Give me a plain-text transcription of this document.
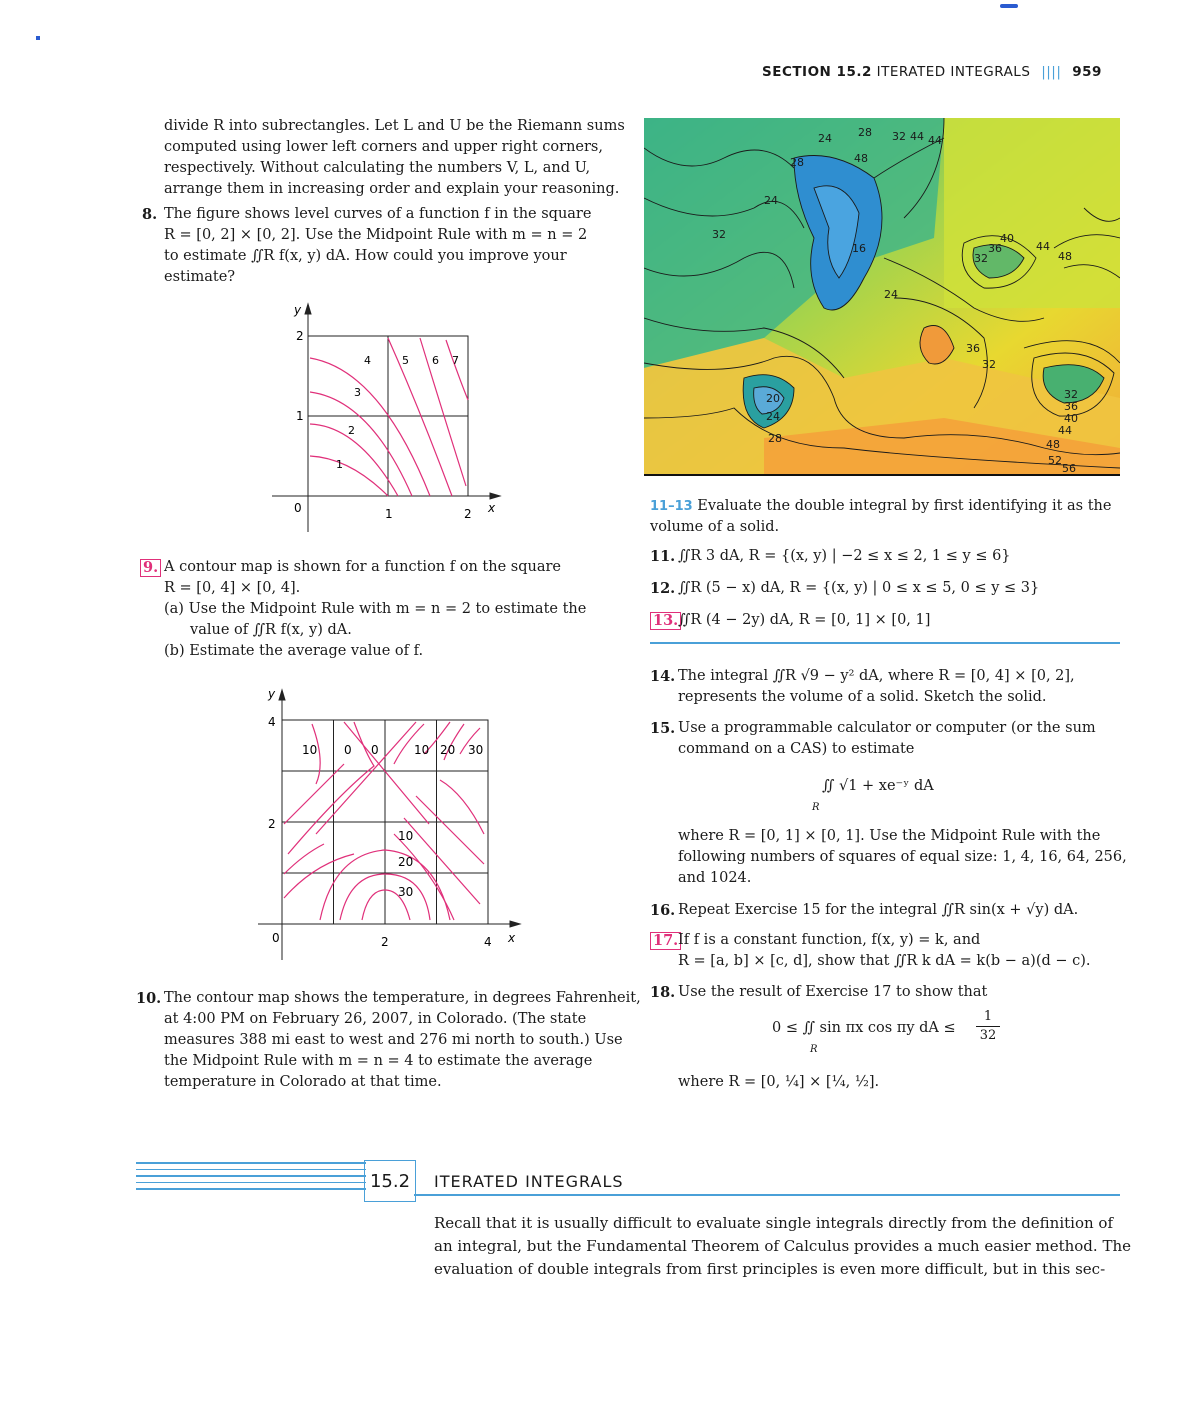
SECTION 15.2 ITERATED INTEGRALS |||| 959
divide R into subrectangles. Let L and U be the Riemann sums
computed using lower left corners and upper right corners,
respectively. Without calculating the numbers V, L, and U,
arrange them in increasing order and explain your reasoning.
8. The figure shows level curves of a function f in the square
R = [0, 2] × [0, 2]. Use the Midpoint Rule with m = n = 2
to estimate ∬R f(x, y) dA. How could you improve your
estimate?
2
1
0	1	2
y
x
1
2
3
4	5 6 7
9. A contour map is shown for a function f on the square
R = [0, 4] × [0, 4].
(a) Use the Midpoint Rule with m = n = 2 to estimate the
value of ∬R f(x, y) dA.
(b) Estimate the average value of f.
4
2
0	2	4
y
x
10 0 0	10 20 30
10
20
30
10. The contour map shows the temperature, in degrees Fahrenheit,
at 4:00 PM on February 26, 2007, in Colorado. (The state
measures 388 mi east to west and 276 mi north to south.) Use
the Midpoint Rule with m = n = 4 to estimate the average
temperature in Colorado at that time.
24
28
32 44
48
44
28
24
32
16
24
40
36
32
44
48
36
32
20
24
28
32
36
40
44
48
52
56
11–13 Evaluate the double integral by first identifying it as the
volume of a solid.
11. ∬R 3 dA, R = {(x, y) | −2 ≤ x ≤ 2, 1 ≤ y ≤ 6}
12. ∬R (5 − x) dA, R = {(x, y) | 0 ≤ x ≤ 5, 0 ≤ y ≤ 3}
13. ∬R (4 − 2y) dA, R = [0, 1] × [0, 1]
14. The integral ∬R √9 − y² dA, where R = [0, 4] × [0, 2],
represents the volume of a solid. Sketch the solid.
15. Use a programmable calculator or computer (or the sum
command on a CAS) to estimate
∬ √1 + xe⁻ʸ dA
R
where R = [0, 1] × [0, 1]. Use the Midpoint Rule with the
following numbers of squares of equal size: 1, 4, 16, 64, 256,
and 1024.
16. Repeat Exercise 15 for the integral ∬R sin(x + √y) dA.
17. If f is a constant function, f(x, y) = k, and
R = [a, b] × [c, d], show that ∬R k dA = k(b − a)(d − c).
18. Use the result of Exercise 17 to show that
0 ≤ ∬ sin πx cos πy dA ≤
R
$\frac{1}{32}$
where R = [0, ¼] × [¼, ½].
15.2 ITERATED INTEGRALS
Recall that it is usually difficult to evaluate single integrals directly from the definition of
an integral, but the Fundamental Theorem of Calculus provides a much easier method. The
evaluation of double integrals from first principles is even more difficult, but in this sec-
